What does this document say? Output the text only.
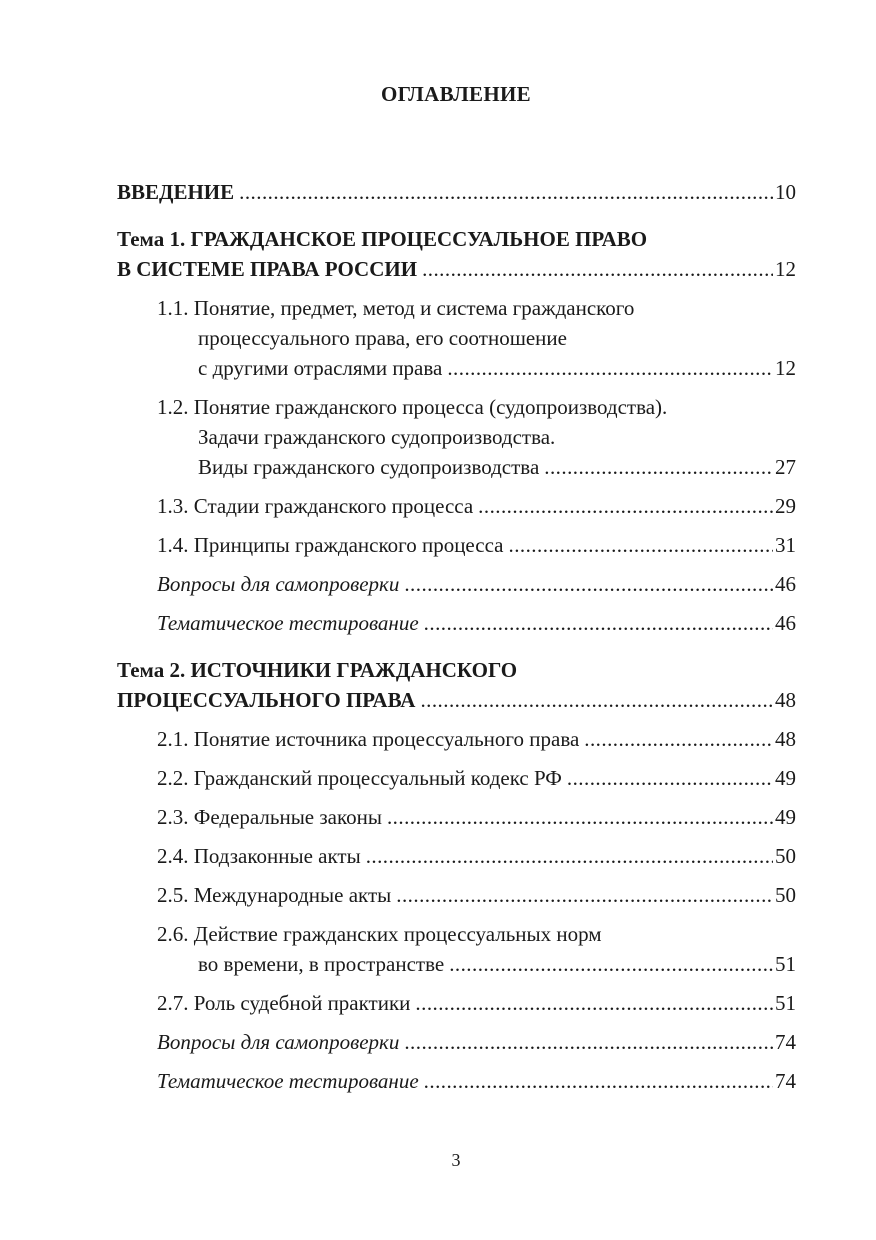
ОГЛАВЛЕНИЕ
ВВЕДЕНИЕ . . .	10
Тема 1. ГРАЖДАНСКОЕ ПРОЦЕССУАЛЬНОЕ ПРАВО
В СИСТЕМЕ ПРАВА РОССИИ . . .	12
1.1. Понятие, предмет, метод и система гражданского
процессуального права, его соотношение
с другими отраслями права . . .	12
1.2. Понятие гражданского процесса (судопроизводства).
Задачи гражданского судопроизводства.
Виды гражданского судопроизводства . . .	27
1.3. Стадии гражданского процесса . . .	29
1.4. Принципы гражданского процесса . . .	31
Вопросы для самопроверки . . .	46
Тематическое тестирование . . .	46
Тема 2. ИСТОЧНИКИ ГРАЖДАНСКОГО
ПРОЦЕССУАЛЬНОГО ПРАВА . . .	48
2.1. Понятие источника процессуального права . . .	48
2.2. Гражданский процессуальный кодекс РФ . . .	49
2.3. Федеральные законы . . .	49
2.4. Подзаконные акты . . .	50
2.5. Международные акты . . .	50
2.6. Действие гражданских процессуальных норм
во времени, в пространстве . . .	51
2.7. Роль судебной практики . . .	51
Вопросы для самопроверки . . .	74
Тематическое тестирование . . .	74
3
